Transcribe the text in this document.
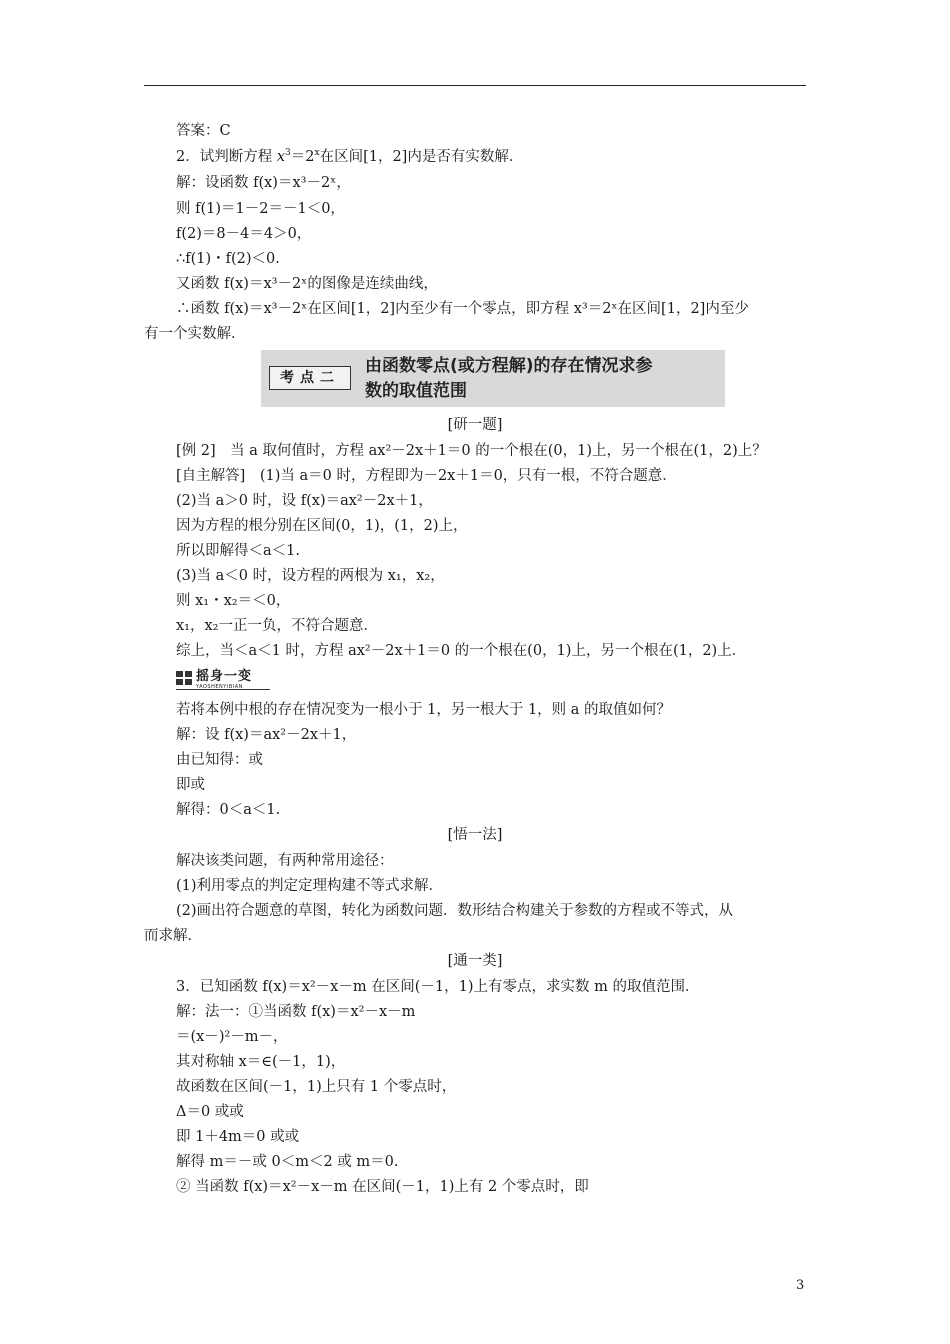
答案：C
2．试判断方程 $x^3=2^x$在区间[1，2]内是否有实数解．
解：设函数 f(x)＝x³－2ˣ，
则 f(1)＝1－2＝－1＜0，
f(2)＝8－4＝4＞0，
∴f(1)・f(2)＜0.
又函数 f(x)＝x³－2ˣ的图像是连续曲线，
∴函数 f(x)＝x³－2ˣ在区间[1，2]内至少有一个零点，即方程 x³＝2ˣ在区间[1，2]内至少
有一个实数解．
考点二
由函数零点(或方程解)的存在情况求参
数的取值范围
[研一题]
[例 2]　当 a 取何值时，方程 ax²－2x＋1＝0 的一个根在(0，1)上，另一个根在(1，2)上？
[自主解答]　(1)当 a＝0 时，方程即为－2x＋1＝0，只有一根，不符合题意．
(2)当 a＞0 时，设 f(x)＝ax²－2x＋1，
因为方程的根分别在区间(0，1)，(1，2)上，
所以即解得＜a＜1.
(3)当 a＜0 时，设方程的两根为 x₁，x₂，
则 x₁・x₂＝＜0，
x₁，x₂一正一负，不符合题意．
综上，当＜a＜1 时，方程 ax²－2x＋1＝0 的一个根在(0，1)上，另一个根在(1，2)上．
摇身一变
YAOSHENYIBIAN
若将本例中根的存在情况变为一根小于 1，另一根大于 1，则 a 的取值如何？
解：设 f(x)＝ax²－2x＋1，
由已知得：或
即或
解得：0＜a＜1.
[悟一法]
解决该类问题，有两种常用途径：
(1)利用零点的判定定理构建不等式求解．
(2)画出符合题意的草图，转化为函数问题．数形结合构建关于参数的方程或不等式，从
而求解．
[通一类]
3．已知函数 f(x)＝x²－x－m 在区间(－1，1)上有零点，求实数 m 的取值范围．
解：法一：①当函数 f(x)＝x²－x－m
＝(x－)²－m－，
其对称轴 x＝∈(－1，1)，
故函数在区间(－1，1)上只有 1 个零点时，
Δ＝0 或或
即 1＋4m＝0 或或
解得 m＝－或 0＜m＜2 或 m＝0.
② 当函数 f(x)＝x²－x－m 在区间(－1，1)上有 2 个零点时，即
3
